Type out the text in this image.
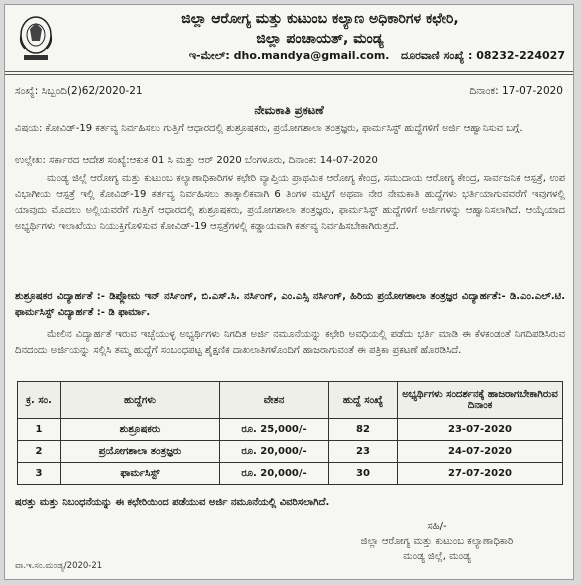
ಜಿಲ್ಲಾ ಆರೋಗ್ಯ ಮತ್ತು ಕುಟುಂಬ ಕಲ್ಯಾಣ ಅಧಿಕಾರಿಗಳ ಕಛೇರಿ,
ಜಿಲ್ಲಾ ಪಂಚಾಯತ್, ಮಂಡ್ಯ
ಇ-ಮೇಲ್: dho.mandya@gmail.com. ದೂರವಾಣಿ ಸಂಖ್ಯೆ : 08232-224027
ಸಂಖ್ಯೆ: ಸಿಬ್ಬಂದಿ(2)62/2020-21	ದಿನಾಂಕ: 17-07-2020
ನೇಮಕಾತಿ ಪ್ರಕಟಣೆ
ವಿಷಯ: ಕೋವಿಡ್-19 ಕರ್ತವ್ಯ ನಿರ್ವಹಿಸಲು ಗುತ್ತಿಗೆ ಆಧಾರದಲ್ಲಿ ಶುಶ್ರೂಷಕರು, ಪ್ರಯೋಗಶಾಲಾ ತಂತ್ರಜ್ಞರು, ಫಾರ್ಮಸಿಸ್ಟ್ ಹುದ್ದೆಗಳಿಗೆ ಅರ್ಜಿ ಆಹ್ವಾನಿಸುವ ಬಗ್ಗೆ.
ಉಲ್ಲೇಖ: ಸರ್ಕಾರದ ಆದೇಶ ಸಂಖ್ಯೆ:ಆಕುಕ 01 ಸಿ ಮತ್ತು ಆರ್ 2020 ಬೆಂಗಳೂರು, ದಿನಾಂಕ: 14-07-2020
ಮಂಡ್ಯ ಜಿಲ್ಲೆ ಆರೋಗ್ಯ ಮತ್ತು ಕುಟುಂಬ ಕಲ್ಯಾಣಾಧಿಕಾರಿಗಳ ಕಛೇರಿ ವ್ಯಾಪ್ತಿಯ ಪ್ರಾಥಮಿಕ ಆರೋಗ್ಯ ಕೇಂದ್ರ, ಸಮುದಾಯ ಆರೋಗ್ಯ ಕೇಂದ್ರ, ಸಾರ್ವಜನಿಕ ಆಸ್ಪತ್ರೆ, ಉಪ ವಿಭಾಗೀಯ ಆಸ್ಪತ್ರೆ ಇಲ್ಲಿ ಕೋವಿಡ್-19 ಕರ್ತವ್ಯ ನಿರ್ವಹಿಸಲು ತಾತ್ಕಾಲಿಕವಾಗಿ 6 ತಿಂಗಳ ಮಟ್ಟಿಗೆ ಅಥವಾ ನೇರ ನೇಮಕಾತಿ ಹುದ್ದೆಗಳು ಭರ್ತಿಯಾಗುವವರೆಗೆ ಇವುಗಳಲ್ಲಿ ಯಾವುದು ಮೊದಲು ಅಲ್ಲಿಯವರೆಗೆ ಗುತ್ತಿಗೆ ಆಧಾರದಲ್ಲಿ ಶುಶ್ರೂಷಕರು, ಪ್ರಯೋಗಶಾಲಾ ತಂತ್ರಜ್ಞರು, ಫಾರ್ಮಸಿಸ್ಟ್ ಹುದ್ದೆಗಳಿಗೆ ಅರ್ಜಿಗಳನ್ನು ಆಹ್ವಾನಿಸಲಾಗಿದೆ. ಆಯ್ಕೆಯಾದ ಅಭ್ಯರ್ಥಿಗಳು ಇಲಾಖೆಯು ನಿಯುಕ್ತಿಗೊಳಿಸುವ ಕೋವಿಡ್-19 ಆಸ್ಪತ್ರೆಗಳಲ್ಲಿ ಕಡ್ಡಾಯವಾಗಿ ಕರ್ತವ್ಯ ನಿರ್ವಹಿಸಬೇಕಾಗಿರುತ್ತದೆ.
ಶುಶ್ರೂಷಕರ ವಿದ್ಯಾರ್ಹತೆ :- ಡಿಪ್ಲೋಮ ಇನ್ ನರ್ಸಿಂಗ್, ಬಿ.ಎಸ್.ಸಿ. ನರ್ಸಿಂಗ್, ಎಂ.ಎಸ್ಸಿ ನರ್ಸಿಂಗ್, ಹಿರಿಯ ಪ್ರಯೋಗಶಾಲಾ ತಂತ್ರಜ್ಞರ ವಿದ್ಯಾರ್ಹತೆ:- ಡಿ.ಎಂ.ಎಲ್.ಟಿ. ಫಾರ್ಮಸಿಸ್ಟ್ ವಿದ್ಯಾರ್ಹತೆ :- ಡಿ ಫಾರ್ಮಾ.
ಮೇಲಿನ ವಿದ್ಯಾರ್ಹತೆ ಇರುವ ಇಚ್ಛೆಯುಳ್ಳ ಅಭ್ಯರ್ಥಿಗಳು ನಿಗದಿತ ಅರ್ಜಿ ನಮೂನೆಯನ್ನು ಕಛೇರಿ ಅವಧಿಯಲ್ಲಿ ಪಡೆದು ಭರ್ತಿ ಮಾಡಿ ಈ ಕೆಳಕಂಡಂತೆ ನಿಗದಿಪಡಿಸಿರುವ ದಿನದಂದು ಅರ್ಜಿಯನ್ನು ಸಲ್ಲಿಸಿ ತಮ್ಮ ಹುದ್ದೆಗೆ ಸಂಬಂಧಪಟ್ಟ ಶೈಕ್ಷಣಿಕ ದಾಖಲಾತಿಗಳೊಂದಿಗೆ ಹಾಜರಾಗುವಂತೆ ಈ ಪತ್ರಿಕಾ ಪ್ರಕಟಣೆ ಹೊರಡಿಸಿದೆ.
ಕ್ರ. ಸಂ.	ಹುದ್ದೆಗಳು	ವೇತನ	ಹುದ್ದೆ ಸಂಖ್ಯೆ	ಅಭ್ಯರ್ಥಿಗಳು ಸಂದರ್ಶನಕ್ಕೆ ಹಾಜರಾಗಬೇಕಾಗಿರುವ ದಿನಾಂಕ
1	ಶುಶ್ರೂಷಕರು	ರೂ. 25,000/-	82	23-07-2020
2	ಪ್ರಯೋಗಶಾಲಾ ತಂತ್ರಜ್ಞರು	ರೂ. 20,000/-	23	24-07-2020
3	ಫಾರ್ಮಸಿಸ್ಟ್	ರೂ. 20,000/-	30	27-07-2020
ಷರತ್ತು ಮತ್ತು ನಿಬಂಧನೆಯನ್ನು ಈ ಕಛೇರಿಯಿಂದ ಪಡೆಯುವ ಅರ್ಜಿ ನಮೂನೆಯಲ್ಲಿ ವಿವರಿಸಲಾಗಿದೆ.
ಸಹಿ/-
ಜಿಲ್ಲಾ ಆರೋಗ್ಯ ಮತ್ತು ಕುಟುಂಬ ಕಲ್ಯಾಣಾಧಿಕಾರಿ
ಮಂಡ್ಯ ಜಿಲ್ಲೆ, ಮಂಡ್ಯ
ವಾ.ಇ.ಸಂ.ಮಂಡ್ಯ/2020-21
